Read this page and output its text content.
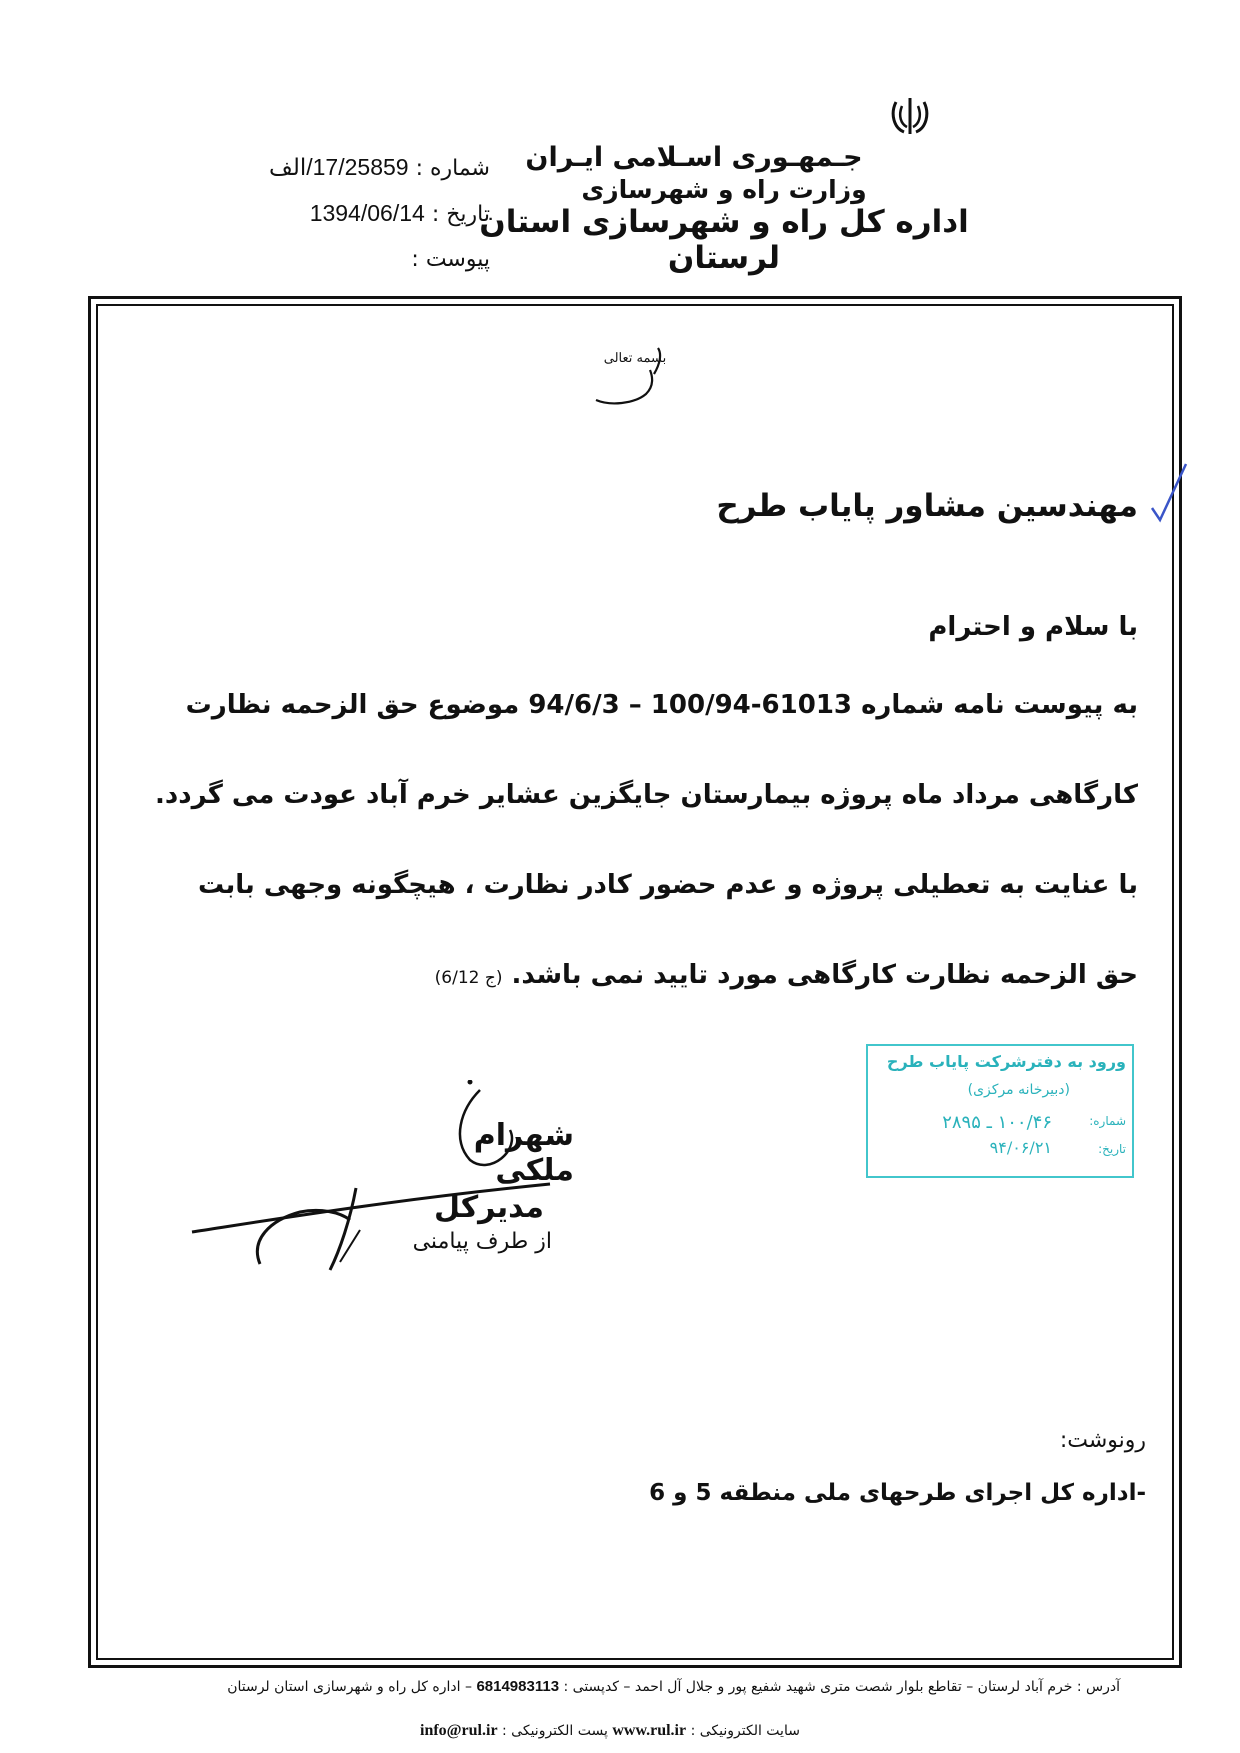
جـمهـوری اسـلامی ایـران
وزارت راه و شهرسازی
اداره کل راه و شهرسازی استان لرستان
شماره : 17/25859/الف
تاریخ : 1394/06/14
پیوست :
بسمه تعالی
مهندسین مشاور پایاب طرح
با سلام و احترام

به پیوست نامه شماره 61013-100/94 – 94/6/3 موضوع حق الزحمه نظارت

کارگاهی مرداد ماه پروژه بیمارستان جایگزین عشایر خرم آباد عودت می گردد.

با عنایت به تعطیلی پروژه و عدم حضور کادر نظارت ، هیچگونه وجهی بابت

حق الزحمه نظارت کارگاهی مورد تایید نمی باشد. (ج 6/12)

ورود به دفترشرکت پایاب طرح
(دبیرخانه مرکزی)
شماره:
تاریخ:
۱۰۰/۴۶ ـ ۲۸۹۵
۹۴/۰۶/۲۱
شهرام ملکی
مدیرکل
از طرف پیامنی
رونوشت:
-اداره کل اجرای طرحهای ملی منطقه 5 و 6
آدرس : خرم آباد لرستان – تقاطع بلوار شصت متری شهید شفیع پور و جلال آل احمد – کدپستی : 6814983113 – اداره کل راه و شهرسازی استان لرستان
سایت الکترونیکی : www.rul.ir پست الکترونیکی : info@rul.ir
